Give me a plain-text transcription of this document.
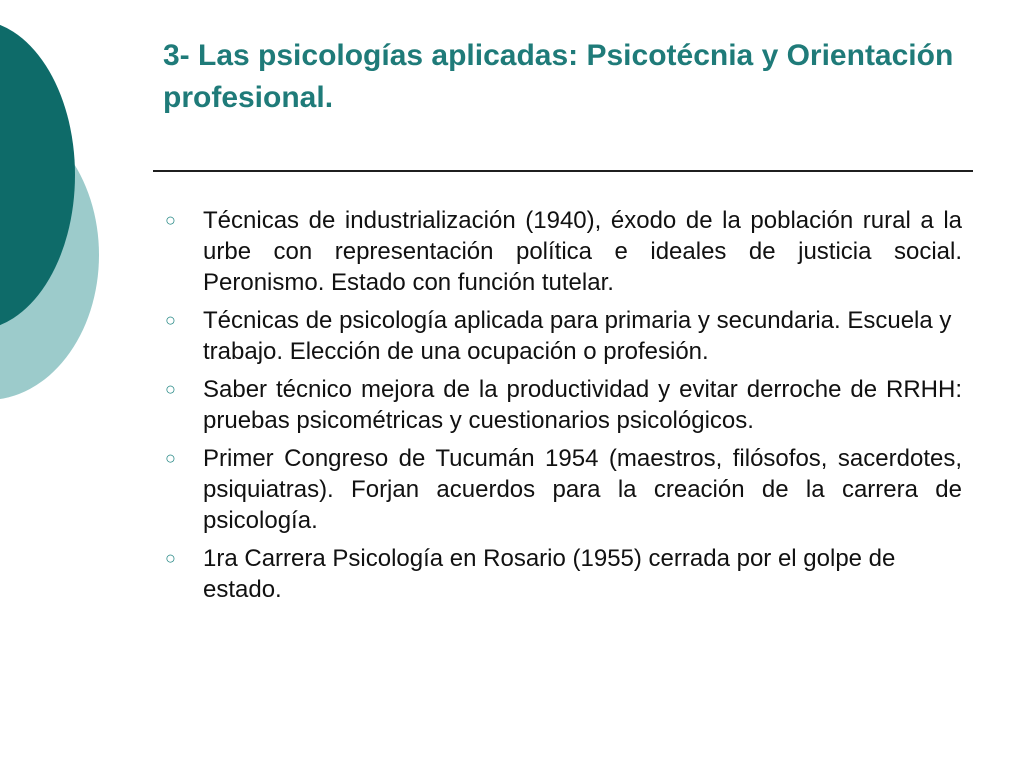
3- Las psicologías aplicadas: Psicotécnia y Orientación profesional.
○	Técnicas de industrialización (1940), éxodo de la población rural a la urbe con representación política e ideales de justicia social. Peronismo. Estado con función tutelar.
○	Técnicas de psicología aplicada para primaria y secundaria. Escuela y trabajo. Elección de una ocupación o profesión.
○	Saber técnico mejora de la productividad y evitar derroche de RRHH: pruebas psicométricas y cuestionarios psicológicos.
○	Primer Congreso de Tucumán 1954 (maestros, filósofos, sacerdotes, psiquiatras). Forjan acuerdos para la creación de la carrera de psicología.
○	1ra Carrera Psicología en Rosario (1955) cerrada por el golpe de estado.
